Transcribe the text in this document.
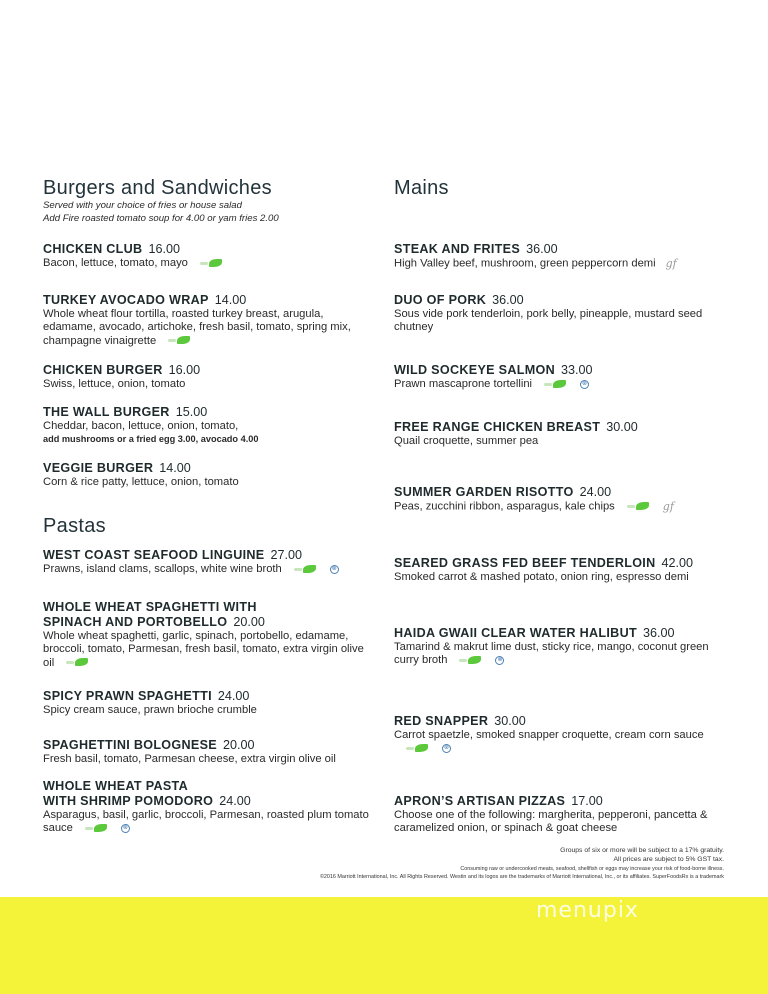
Burgers and Sandwiches
Served with your choice of fries or house salad
Add Fire roasted tomato soup for 4.00 or yam fries 2.00
CHICKEN CLUB 16.00
Bacon, lettuce, tomato, mayo
TURKEY AVOCADO WRAP 14.00
Whole wheat flour tortilla, roasted turkey breast, arugula, edamame, avocado, artichoke, fresh basil, tomato, spring mix, champagne vinaigrette
CHICKEN BURGER 16.00
Swiss, lettuce, onion, tomato
THE WALL BURGER 15.00
Cheddar, bacon, lettuce, onion, tomato,
add mushrooms or a fried egg 3.00, avocado 4.00
VEGGIE BURGER 14.00
Corn & rice patty, lettuce, onion, tomato
Pastas
WEST COAST SEAFOOD LINGUINE 27.00
Prawns, island clams, scallops, white wine broth	⊗
WHOLE WHEAT SPAGHETTI WITH
SPINACH AND PORTOBELLO 20.00
Whole wheat spaghetti, garlic, spinach, portobello, edamame, broccoli, tomato, Parmesan, fresh basil, tomato, extra virgin olive oil
SPICY PRAWN SPAGHETTI 24.00
Spicy cream sauce, prawn brioche crumble
SPAGHETTINI BOLOGNESE 20.00
Fresh basil, tomato, Parmesan cheese, extra virgin olive oil
WHOLE WHEAT PASTA
WITH SHRIMP POMODORO 24.00
Asparagus, basil, garlic, broccoli, Parmesan, roasted plum tomato sauce	⊗
Mains
STEAK AND FRITES 36.00
High Valley beef, mushroom, green peppercorn demi gf
DUO OF PORK 36.00
Sous vide pork tenderloin, pork belly, pineapple, mustard seed chutney
WILD SOCKEYE SALMON 33.00
Prawn mascaprone tortellini	⊗
FREE RANGE CHICKEN BREAST 30.00
Quail croquette, summer pea
SUMMER GARDEN RISOTTO 24.00
Peas, zucchini ribbon, asparagus, kale chips	gf
SEARED GRASS FED BEEF TENDERLOIN 42.00
Smoked carrot & mashed potato, onion ring, espresso demi
HAIDA GWAII CLEAR WATER HALIBUT 36.00
Tamarind & makrut lime dust, sticky rice, mango, coconut green curry broth	⊗
RED SNAPPER 30.00
Carrot spaetzle, smoked snapper croquette, cream corn sauce
⊗
APRON’S ARTISAN PIZZAS 17.00
Choose one of the following: margherita, pepperoni, pancetta & caramelized onion, or spinach & goat cheese
Groups of six or more will be subject to a 17% gratuity.
All prices are subject to 5% GST tax.
Consuming raw or undercooked meats, seafood, shellfish or eggs may increase your risk of food-borne illness.
©2016 Marriott International, Inc. All Rights Reserved. Westin and its logos are the trademarks of Marriott International, Inc., or its affiliates. SuperFoodsRx is a trademark
menupix
